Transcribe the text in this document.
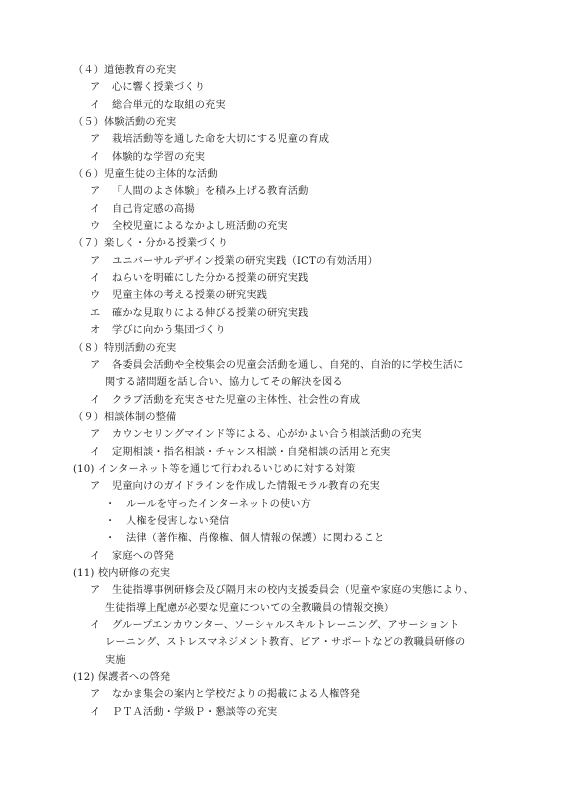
（４）道徳教育の充実
ア 心に響く授業づくり
イ 総合単元的な取組の充実
（５）体験活動の充実
ア 栽培活動等を通した命を大切にする児童の育成
イ 体験的な学習の充実
（６）児童生徒の主体的な活動
ア 「人間のよさ体験」を積み上げる教育活動
イ 自己肯定感の高揚
ウ 全校児童によるなかよし班活動の充実
（７）楽しく・分かる授業づくり
ア ユニバーサルデザイン授業の研究実践（ICTの有効活用）
イ ねらいを明確にした分かる授業の研究実践
ウ 児童主体の考える授業の研究実践
エ 確かな見取りによる伸びる授業の研究実践
オ 学びに向かう集団づくり
（８）特別活動の充実
ア 各委員会活動や全校集会の児童会活動を通し、自発的、自治的に学校生活に
関する諸問題を話し合い、協力してその解決を図る
イ クラブ活動を充実させた児童の主体性、社会性の育成
（９）相談体制の整備
ア カウンセリングマインド等による、心がかよい合う相談活動の充実
イ 定期相談・指名相談・チャンス相談・自発相談の活用と充実
(10) インターネット等を通じて行われるいじめに対する対策
ア 児童向けのガイドラインを作成した情報モラル教育の充実
・ ルールを守ったインターネットの使い方
・ 人権を侵害しない発信
・ 法律（著作権、肖像権、個人情報の保護）に関わること
イ 家庭への啓発
(11) 校内研修の充実
ア 生徒指導事例研修会及び隔月末の校内支援委員会（児童や家庭の実態により、
生徒指導上配慮が必要な児童についての全教職員の情報交換）
イ グループエンカウンター、ソーシャルスキルトレーニング、アサーショント
レーニング、ストレスマネジメント教育、ピア・サポートなどの教職員研修の
実施
(12) 保護者への啓発
ア なかま集会の案内と学校だよりの掲載による人権啓発
イ ＰＴＡ活動・学級Ｐ・懇談等の充実
